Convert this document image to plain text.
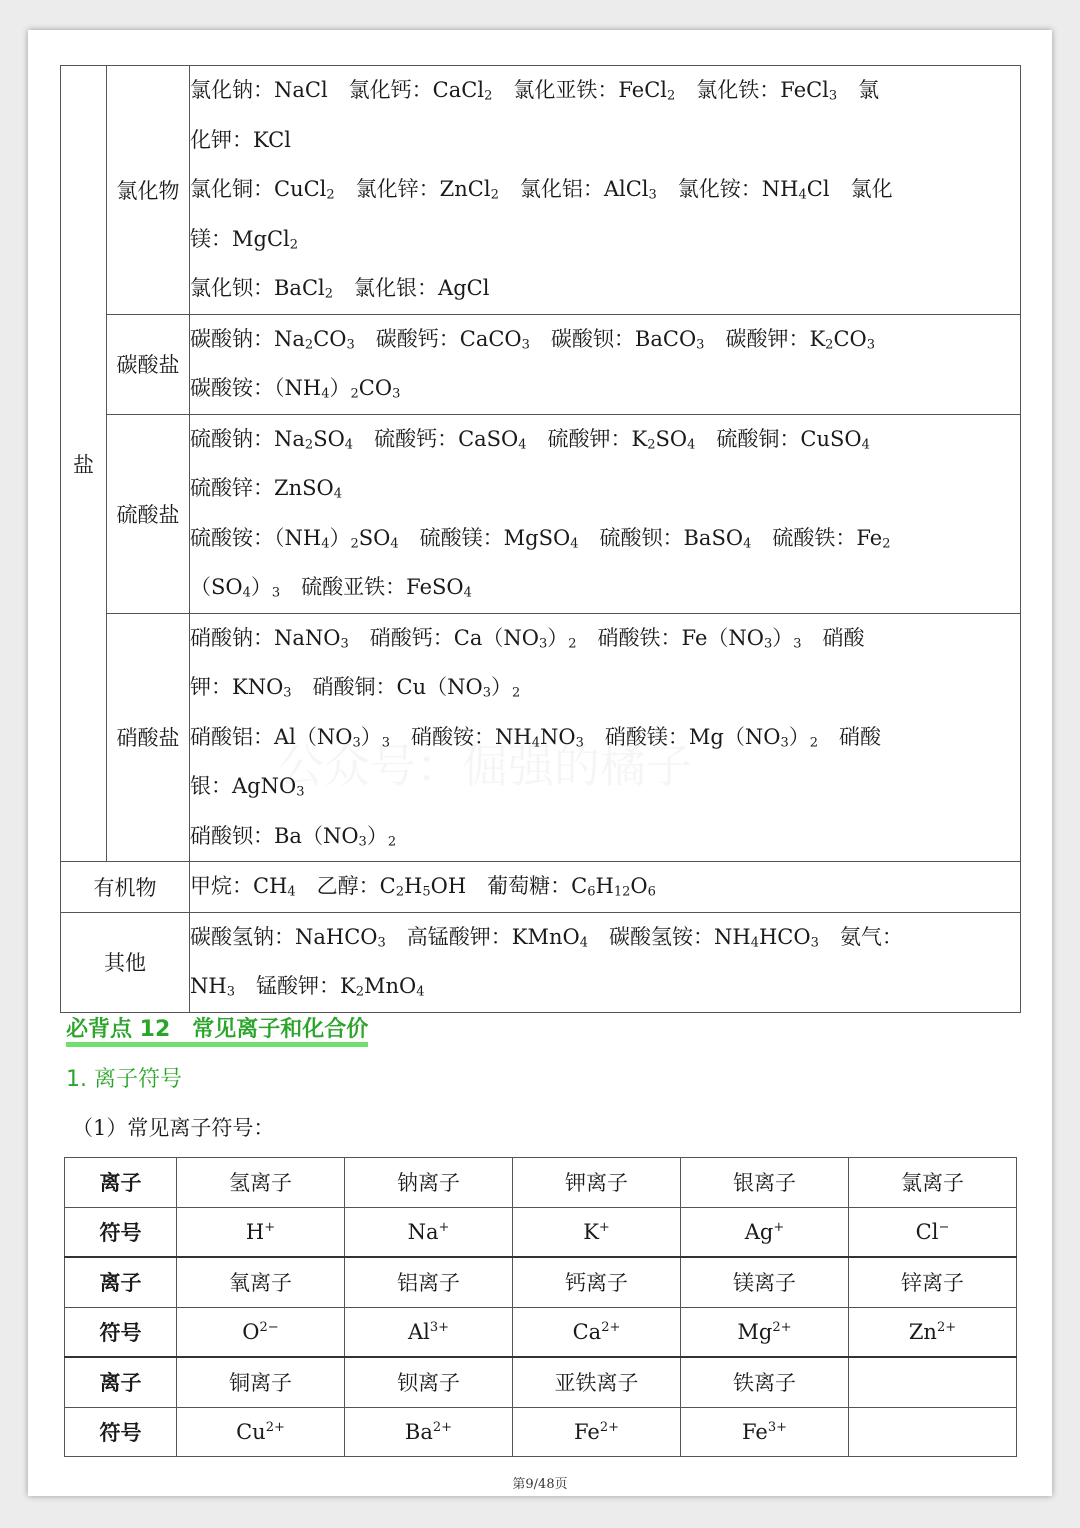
盐	氯化物	氯化钠：NaCl　氯化钙：CaCl$_2$　氯化亚铁：FeCl$_2$　氯化铁：FeCl$_3$　氯
化钾：KCl
氯化铜：CuCl$_2$　氯化锌：ZnCl$_2$　氯化铝：AlCl$_3$　氯化铵：$NH_4Cl$　氯化
镁：MgCl$_2$
氯化钡：BaCl$_2$　氯化银：AgCl

	碳酸盐	碳酸钠：$Na_2CO_3$　碳酸钙：CaCO$_3$　碳酸钡：BaCO$_3$　碳酸钾：$K_2CO_3$
碳酸铵：$(NH_4)_2CO_3$

	硫酸盐	硫酸钠：$Na_2SO_4$　硫酸钙：CaSO$_4$　硫酸钾：$K_2SO_4$　硫酸铜：CuSO$_4$
硫酸锌：ZnSO$_4$
硫酸铵：$(NH_4)_2SO_4$　硫酸镁：MgSO$_4$　硫酸钡：BaSO$_4$　硫酸铁：$Fe_2$
$(SO_4)_3$　硫酸亚铁：FeSO$_4$

	硝酸盐	硝酸钠：NaNO$_3$　硝酸钙：$Ca(NO_3)_2$　硝酸铁：$Fe(NO_3)_3$　硝酸
钾：$KNO_3$　硝酸铜：$Cu(NO_3)_2$
硝酸铝：$Al(NO_3)_3$　硝酸铵：$NH_4NO_3$　硝酸镁：$Mg(NO_3)_2$　硝酸
银：AgNO$_3$
硝酸钡：$Ba(NO_3)_2$

有机物		甲烷：$CH_4$　乙醇：$C_2H_5OH$　葡萄糖：$C_6H_{12}O_6$

其他		碳酸氢钠：NaHCO$_3$　高锰酸钾：KMnO$_4$　碳酸氢铵：$NH_4HCO_3$　氨气：
$NH_3$　锰酸钾：$K_2MnO_4$
必背点 12　常见离子和化合价
1. 离子符号
（1）常见离子符号：
离子	氢离子	钠离子	钾离子	银离子	氯离子
符号	H+	Na+	K+	Ag+	Cl−
离子	氧离子	铝离子	钙离子	镁离子	锌离子
符号	$O^{2-}$	$Al^{3+}$	$Ca^{2+}$	$Mg^{2+}$	$Zn^{2+}$
离子	铜离子	钡离子	亚铁离子	铁离子	
符号	$Cu^{2+}$	$Ba^{2+}$	$Fe^{2+}$	$Fe^{3+}$	
第9/48页
